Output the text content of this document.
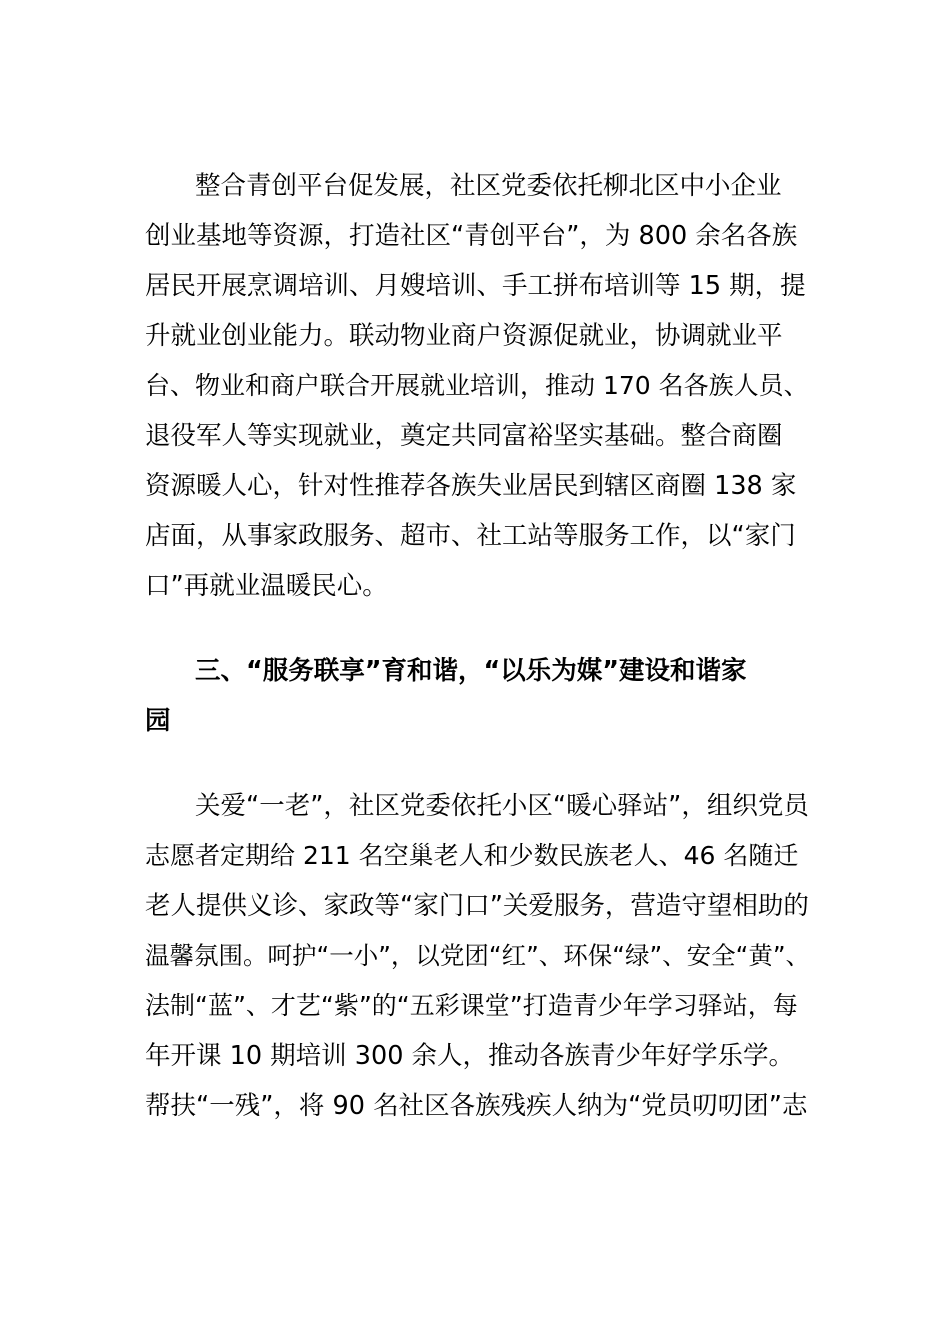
整合青创平台促发展，社区党委依托柳北区中小企业
创业基地等资源，打造社区“青创平台”，为 800 余名各族
居民开展烹调培训、月嫂培训、手工拼布培训等 15 期，提
升就业创业能力。联动物业商户资源促就业，协调就业平
台、物业和商户联合开展就业培训，推动 170 名各族人员、
退役军人等实现就业，奠定共同富裕坚实基础。整合商圈
资源暖人心，针对性推荐各族失业居民到辖区商圈 138 家
店面，从事家政服务、超市、社工站等服务工作，以“家门
口”再就业温暖民心。
三、“服务联享”育和谐，“以乐为媒”建设和谐家
园
关爱“一老”，社区党委依托小区“暖心驿站”，组织党员
志愿者定期给 211 名空巢老人和少数民族老人、46 名随迁
老人提供义诊、家政等“家门口”关爱服务，营造守望相助的
温馨氛围。呵护“一小”，以党团“红”、环保“绿”、安全“黄”、
法制“蓝”、才艺“紫”的“五彩课堂”打造青少年学习驿站，每
年开课 10 期培训 300 余人，推动各族青少年好学乐学。
帮扶“一残”，将 90 名社区各族残疾人纳为“党员叨叨团”志
